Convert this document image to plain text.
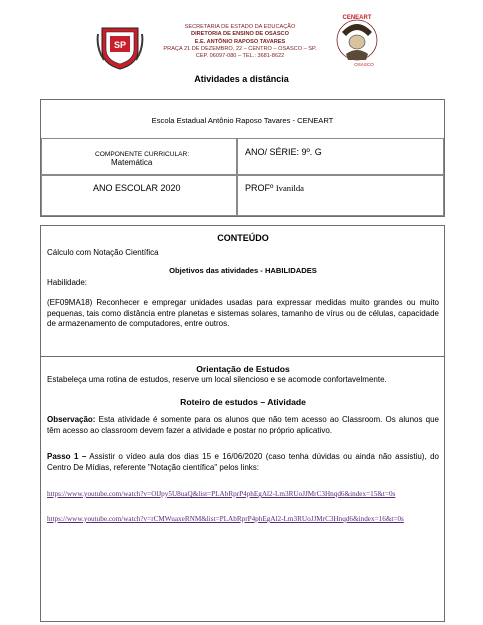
SP
SECRETARIA DE ESTADO DA EDUCAÇÃO
DIRETORIA DE ENSINO DE OSASCO
E.E. ANTÔNIO RAPOSO TAVARES
PRAÇA 21 DE DEZEMBRO, 22 – CENTRO – OSASCO – SP.
CEP. 06097-080 – TEL.: 3681-8622
CENEART
OSASCO
Atividades a distância
Escola Estadual Antônio Raposo Tavares - CENEART
COMPONENTE CURRICULAR:
Matemática
ANO/ SÉRIE: 9º. G
ANO ESCOLAR 2020	PROFº Ivanilda

CONTEÚDO

Cálculo com Notação Científica

Objetivos das atividades - HABILIDADES

Habilidade:

(EF09MA18) Reconhecer e empregar unidades usadas para expressar medidas muito grandes ou muito pequenas, tais como distância entre planetas e sistemas solares, tamanho de vírus ou de células, capacidade de armazenamento de computadores, entre outros.

Orientação de Estudos

Estabeleça uma rotina de estudos, reserve um local silencioso e se acomode confortavelmente.

Roteiro de estudos – Atividade

Observação: Esta atividade é somente para os alunos que não tem acesso ao Classroom. Os alunos que têm acesso ao classroom devem fazer a atividade e postar no próprio aplicativo.
Passo 1 – Assistir o vídeo aula dos dias 15 e 16/06/2020 (caso tenha dúvidas ou ainda não assistiu), do Centro De Mídias, referente "Notação científica" pelos links:
https://www.youtube.com/watch?v=OlJpy5U8uaQ&list=PLAbRprP4phEgAl2-Lm3RUoJJMrC3Hnqd6&index=15&t=0s
https://www.youtube.com/watch?v=rCMWuaxeRNM&list=PLAbRprP4phEgAl2-Lm3RUoJJMrC3Hnqd6&index=16&t=0s
